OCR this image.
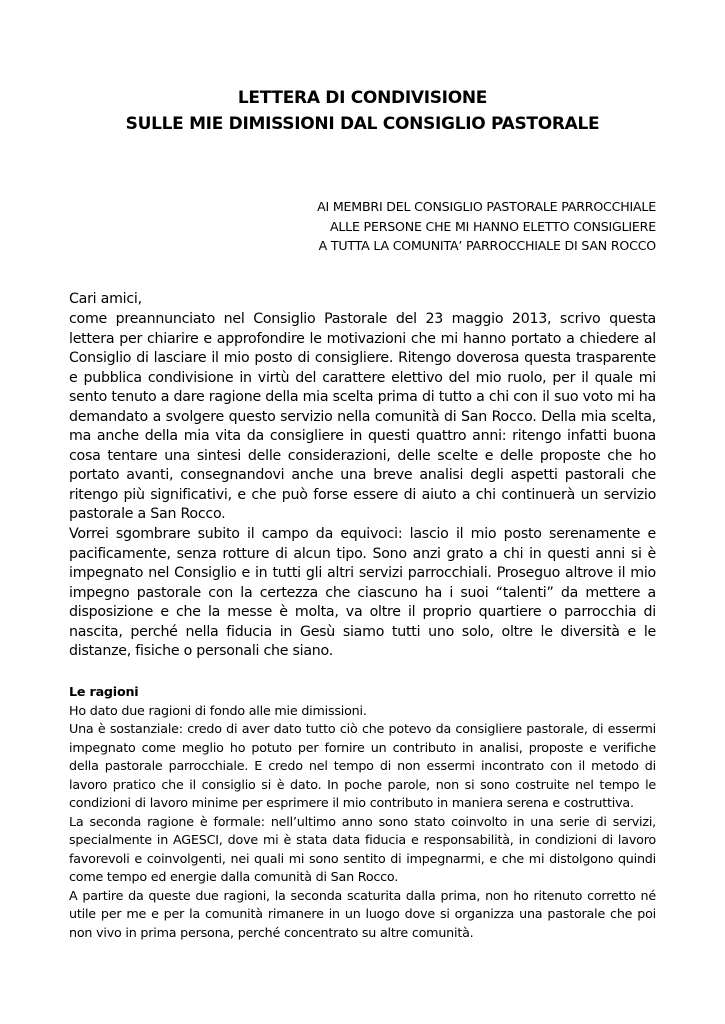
LETTERA DI CONDIVISIONE
SULLE MIE DIMISSIONI DAL CONSIGLIO PASTORALE
AI MEMBRI DEL CONSIGLIO PASTORALE PARROCCHIALE
ALLE PERSONE CHE MI HANNO ELETTO CONSIGLIERE
A TUTTA LA COMUNITA’ PARROCCHIALE DI SAN ROCCO
Cari amici,

come preannunciato nel Consiglio Pastorale del 23 maggio 2013, scrivo questa lettera per chiarire e approfondire le motivazioni che mi hanno portato a chiedere al Consiglio di lasciare il mio posto di consigliere. Ritengo doverosa questa trasparente e pubblica condivisione in virtù del carattere elettivo del mio ruolo, per il quale mi sento tenuto a dare ragione della mia scelta prima di tutto a chi con il suo voto mi ha demandato a svolgere questo servizio nella comunità di San Rocco. Della mia scelta, ma anche della mia vita da consigliere in questi quattro anni: ritengo infatti buona cosa tentare una sintesi delle considerazioni, delle scelte e delle proposte che ho portato avanti, consegnandovi anche una breve analisi degli aspetti pastorali che ritengo più significativi, e che può forse essere di aiuto a chi continuerà un servizio pastorale a San Rocco.

Vorrei sgombrare subito il campo da equivoci: lascio il mio posto serenamente e pacificamente, senza rotture di alcun tipo. Sono anzi grato a chi in questi anni si è impegnato nel Consiglio e in tutti gli altri servizi parrocchiali. Proseguo altrove il mio impegno pastorale con la certezza che ciascuno ha i suoi “talenti” da mettere a disposizione e che la messe è molta, va oltre il proprio quartiere o parrocchia di nascita, perché nella fiducia in Gesù siamo tutti uno solo, oltre le diversità e le distanze, fisiche o personali che siano.

Le ragioni

Ho dato due ragioni di fondo alle mie dimissioni.

Una è sostanziale: credo di aver dato tutto ciò che potevo da consigliere pastorale, di essermi impegnato come meglio ho potuto per fornire un contributo in analisi, proposte e verifiche della pastorale parrocchiale. E credo nel tempo di non essermi incontrato con il metodo di lavoro pratico che il consiglio si è dato. In poche parole, non si sono costruite nel tempo le condizioni di lavoro minime per esprimere il mio contributo in maniera serena e costruttiva.

La seconda ragione è formale: nell’ultimo anno sono stato coinvolto in una serie di servizi, specialmente in AGESCI, dove mi è stata data fiducia e responsabilità, in condizioni di lavoro favorevoli e coinvolgenti, nei quali mi sono sentito di impegnarmi, e che mi distolgono quindi come tempo ed energie dalla comunità di San Rocco.

A partire da queste due ragioni, la seconda scaturita dalla prima, non ho ritenuto corretto né utile per me e per la comunità rimanere in un luogo dove si organizza una pastorale che poi non vivo in prima persona, perché concentrato su altre comunità.
